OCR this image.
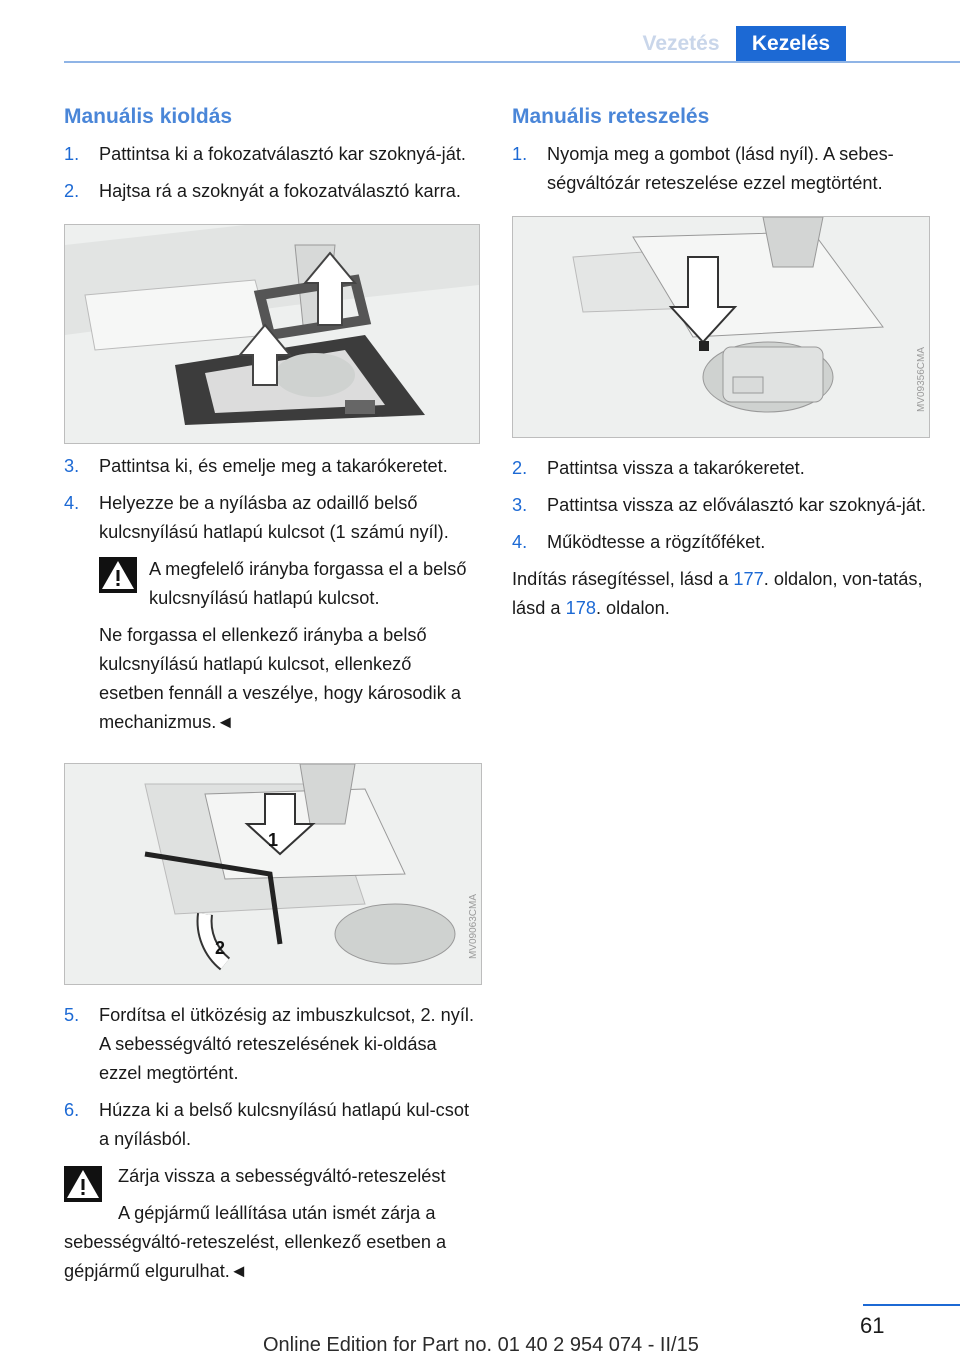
Vezetés	Kezelés
Manuális kioldás
1. Pattintsa ki a fokozatválasztó kar szoknyá‐ját.
2. Hajtsa rá a szoknyát a fokozatválasztó karra.
3. Pattintsa ki, és emelje meg a takarókeretet.
4. Helyezze be a nyílásba az odaillő belső kulcsnyílású hatlapú kulcsot (1 számú nyíl).
A megfelelő irányba forgassa el a belső kulcsnyílású hatlapú kulcsot.
Ne forgassa el ellenkező irányba a belső kulcsnyílású hatlapú kulcsot, ellenkező esetben fennáll a veszélye, hogy károsodik a mechanizmus.◄
1
2	MV09063CMA
5. Fordítsa el ütközésig az imbuszkulcsot, 2. nyíl. A sebességváltó reteszelésének ki‐oldása ezzel megtörtént.
6. Húzza ki a belső kulcsnyílású hatlapú kul‐csot a nyílásból.
Zárja vissza a sebességváltó-reteszelést
A gépjármű leállítása után ismét zárja a sebességváltó-reteszelést, ellenkező esetben a gépjármű elgurulhat.◄
Manuális reteszelés
1. Nyomja meg a gombot (lásd nyíl). A sebes‐ségváltózár reteszelése ezzel megtörtént.
MV09356CMA
2. Pattintsa vissza a takarókeretet.
3. Pattintsa vissza az előválasztó kar szoknyá‐ját.
4. Működtesse a rögzítőféket.
Indítás rásegítéssel, lásd a 177. oldalon, von‐tatás, lásd a 178. oldalon.
61
Online Edition for Part no. 01 40 2 954 074 - II/15
